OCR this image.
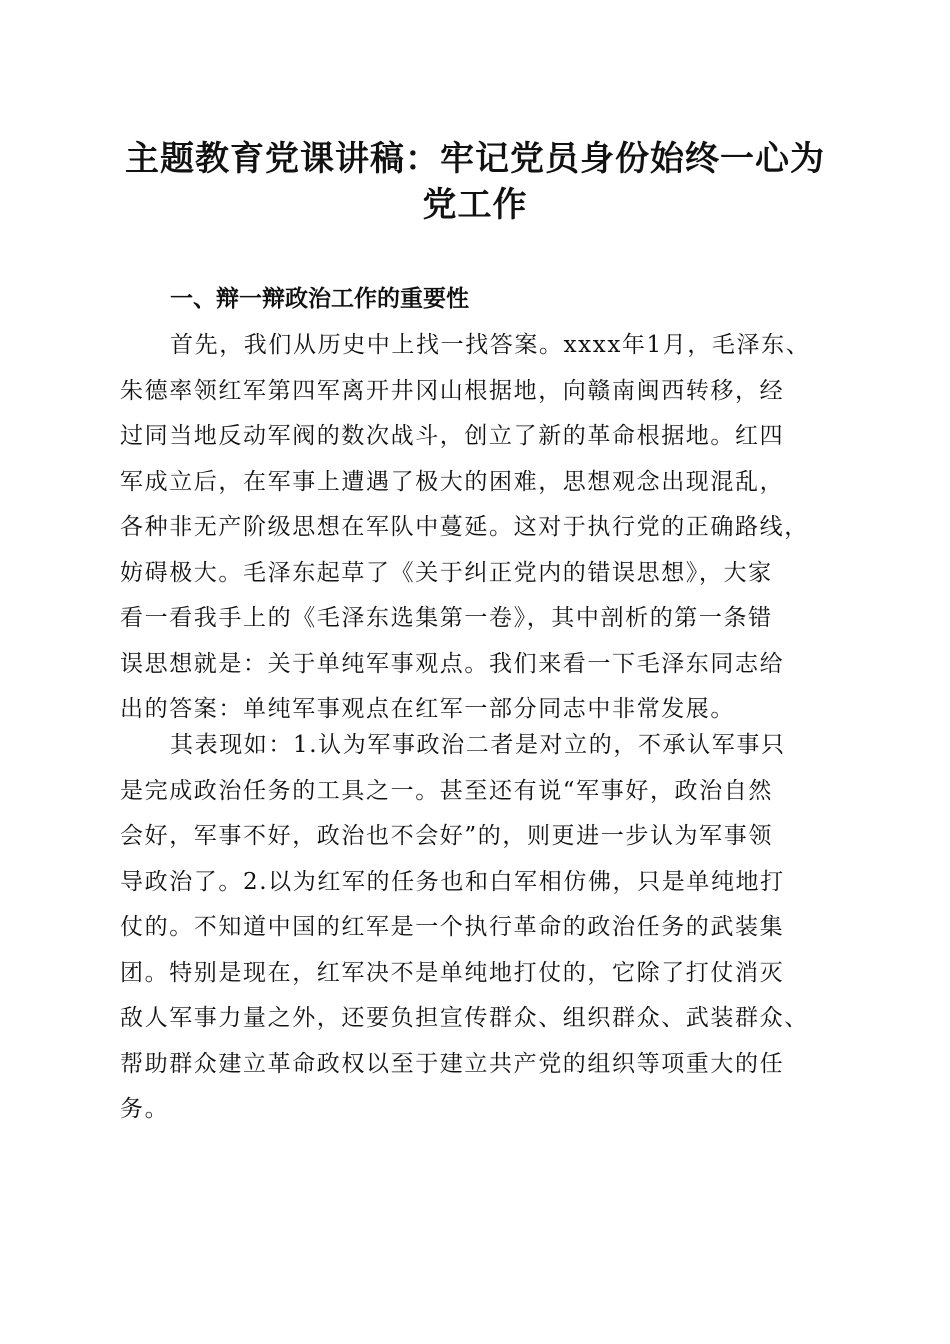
主题教育党课讲稿：牢记党员身份始终一心为
党工作
一、辩一辩政治工作的重要性
首先，我们从历史中上找一找答案。xxxx年1月，毛泽东、
朱德率领红军第四军离开井冈山根据地，向赣南闽西转移，经
过同当地反动军阀的数次战斗，创立了新的革命根据地。红四
军成立后，在军事上遭遇了极大的困难，思想观念出现混乱，
各种非无产阶级思想在军队中蔓延。这对于执行党的正确路线，
妨碍极大。毛泽东起草了《关于纠正党内的错误思想》，大家
看一看我手上的《毛泽东选集第一卷》，其中剖析的第一条错
误思想就是：关于单纯军事观点。我们来看一下毛泽东同志给
出的答案：单纯军事观点在红军一部分同志中非常发展。
其表现如：1.认为军事政治二者是对立的，不承认军事只
是完成政治任务的工具之一。甚至还有说“军事好，政治自然
会好，军事不好，政治也不会好”的，则更进一步认为军事领
导政治了。2.以为红军的任务也和白军相仿佛，只是单纯地打
仗的。不知道中国的红军是一个执行革命的政治任务的武装集
团。特别是现在，红军决不是单纯地打仗的，它除了打仗消灭
敌人军事力量之外，还要负担宣传群众、组织群众、武装群众、
帮助群众建立革命政权以至于建立共产党的组织等项重大的任
务。
